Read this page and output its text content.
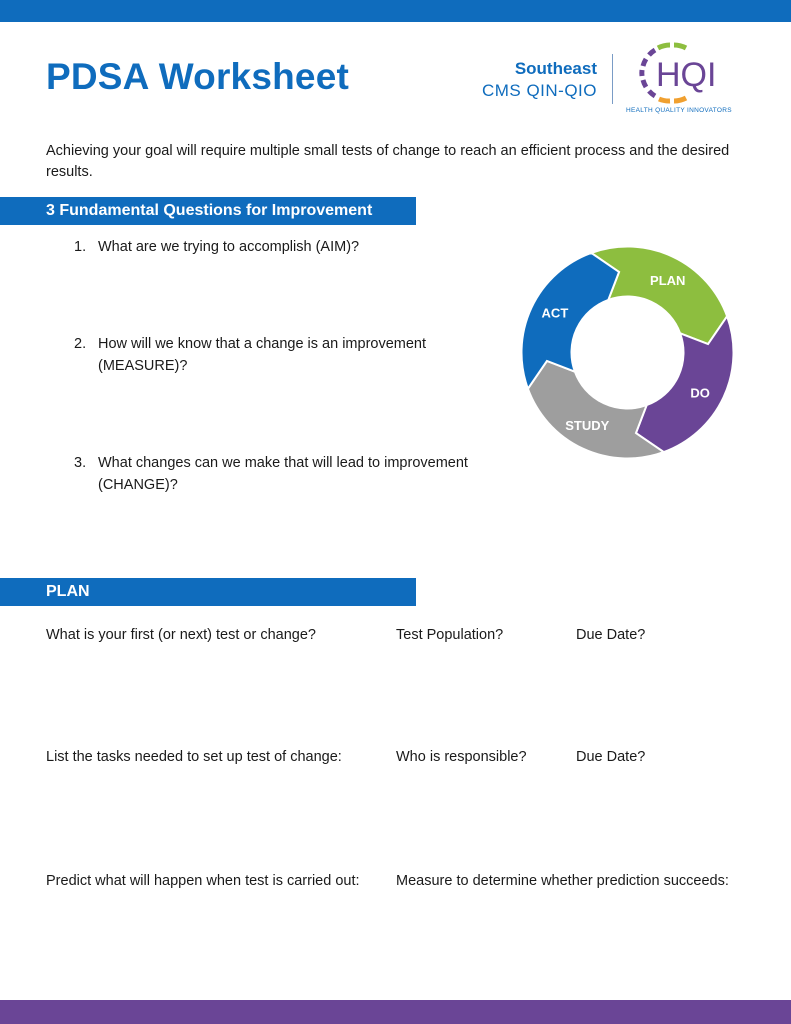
PDSA Worksheet	Southeast
CMS QIN-QIO HQI
HEALTH QUALITY INNOVATORS

Achieving your goal will require multiple small tests of change to reach an efficient process and the desired results.

3 Fundamental Questions for Improvement
1. What are we trying to accomplish (AIM)?
2. How will we know that a change is an improvement (MEASURE)?
3. What changes can we make that will lead to improvement (CHANGE)?
PLAN
DO
STUDY
ACT
PLAN
What is your first (or next) test or change?	Test Population?	Due Date?
List the tasks needed to set up test of change:	Who is responsible?	Due Date?
Predict what will happen when test is carried out:	Measure to determine whether prediction succeeds:
